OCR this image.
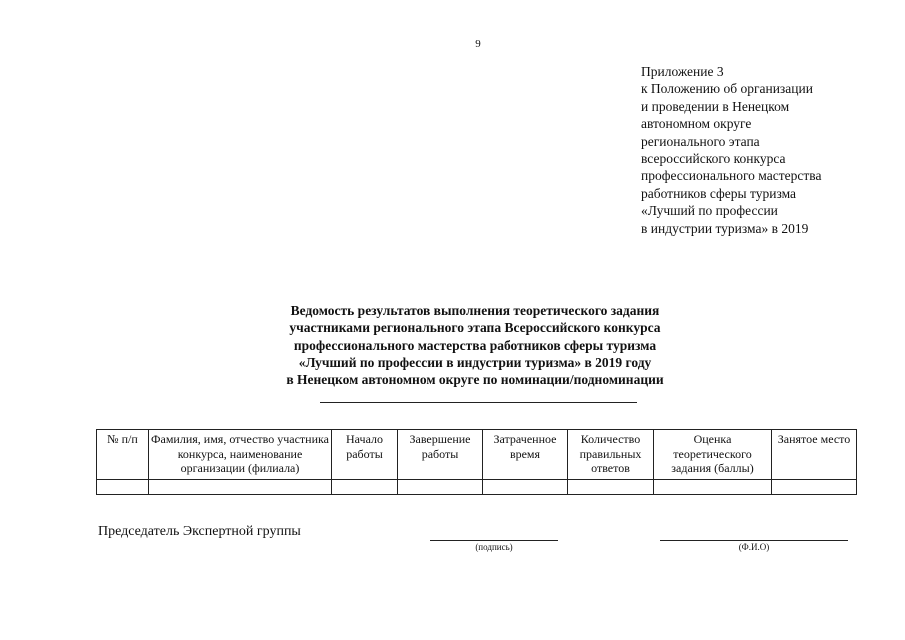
9
Приложение 3
к Положению об организации
и проведении в Ненецком
автономном округе
регионального этапа
всероссийского конкурса
профессионального мастерства
работников сферы туризма
«Лучший по профессии
в индустрии туризма» в 2019
Ведомость результатов выполнения теоретического задания
участниками регионального этапа Всероссийского конкурса
профессионального мастерства работников сферы туризма
«Лучший по профессии в индустрии туризма» в 2019 году
в Ненецком автономном округе по номинации/подноминации
№ п/п	Фамилия, имя, отчество участника конкурса, наименование организации (филиала)	Начало работы	Завершение работы	Затраченное время	Количество правильных ответов	Оценка теоретического задания (баллы)	Занятое место

Председатель Экспертной группы
(подпись)	(Ф.И.О)
